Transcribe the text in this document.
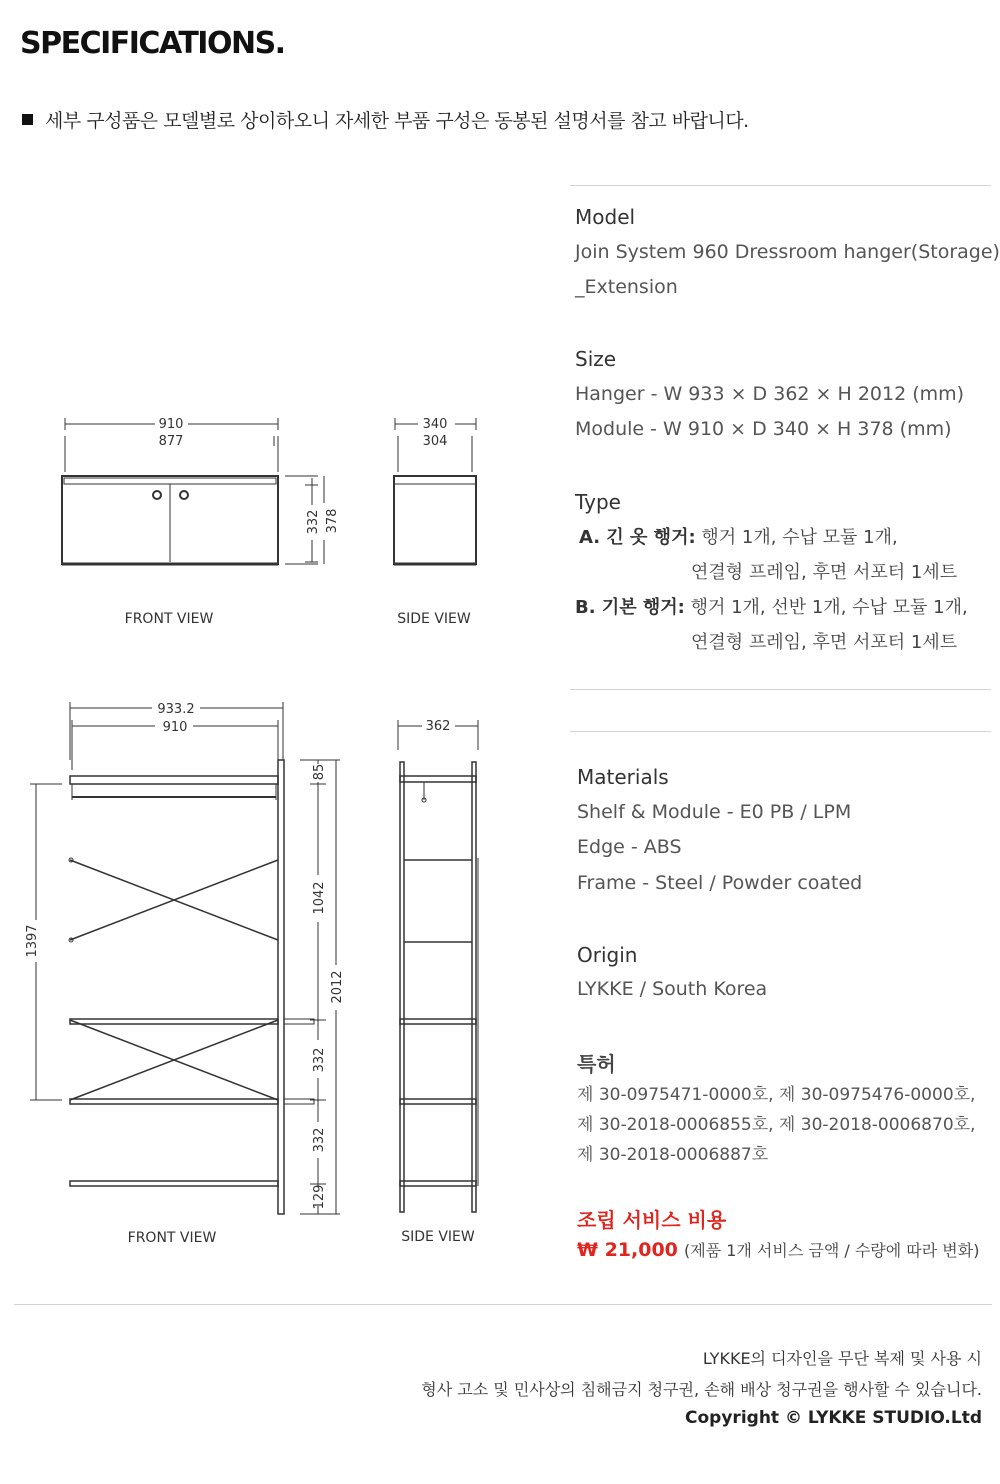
SPECIFICATIONS.
세부 구성품은 모델별로 상이하오니 자세한 부품 구성은 동봉된 설명서를 참고 바랍니다.
910
877
332 378
340
304
933.2
910
1397
85
1042
2012
332
332
129
362
FRONT VIEW	SIDE VIEW
FRONT VIEW	SIDE VIEW
Model
Join System 960 Dressroom hanger(Storage)
_Extension
Size
Hanger - W 933 × D 362 × H 2012 (mm)
Module - W 910 × D 340 × H 378 (mm)
Type
A. 긴 옷 행거: 행거 1개, 수납 모듈 1개,
연결형 프레임, 후면 서포터 1세트
B. 기본 행거: 행거 1개, 선반 1개, 수납 모듈 1개,
연결형 프레임, 후면 서포터 1세트
Materials
Shelf & Module - E0 PB / LPM
Edge - ABS
Frame - Steel / Powder coated
Origin
LYKKE / South Korea
특허
제 30-0975471-0000호, 제 30-0975476-0000호,
제 30-2018-0006855호, 제 30-2018-0006870호,
제 30-2018-0006887호
조립 서비스 비용
₩ 21,000 (제품 1개 서비스 금액 / 수량에 따라 변화)
LYKKE의 디자인을 무단 복제 및 사용 시
형사 고소 및 민사상의 침해금지 청구권, 손해 배상 청구권을 행사할 수 있습니다.
Copyright © LYKKE STUDIO.Ltd
